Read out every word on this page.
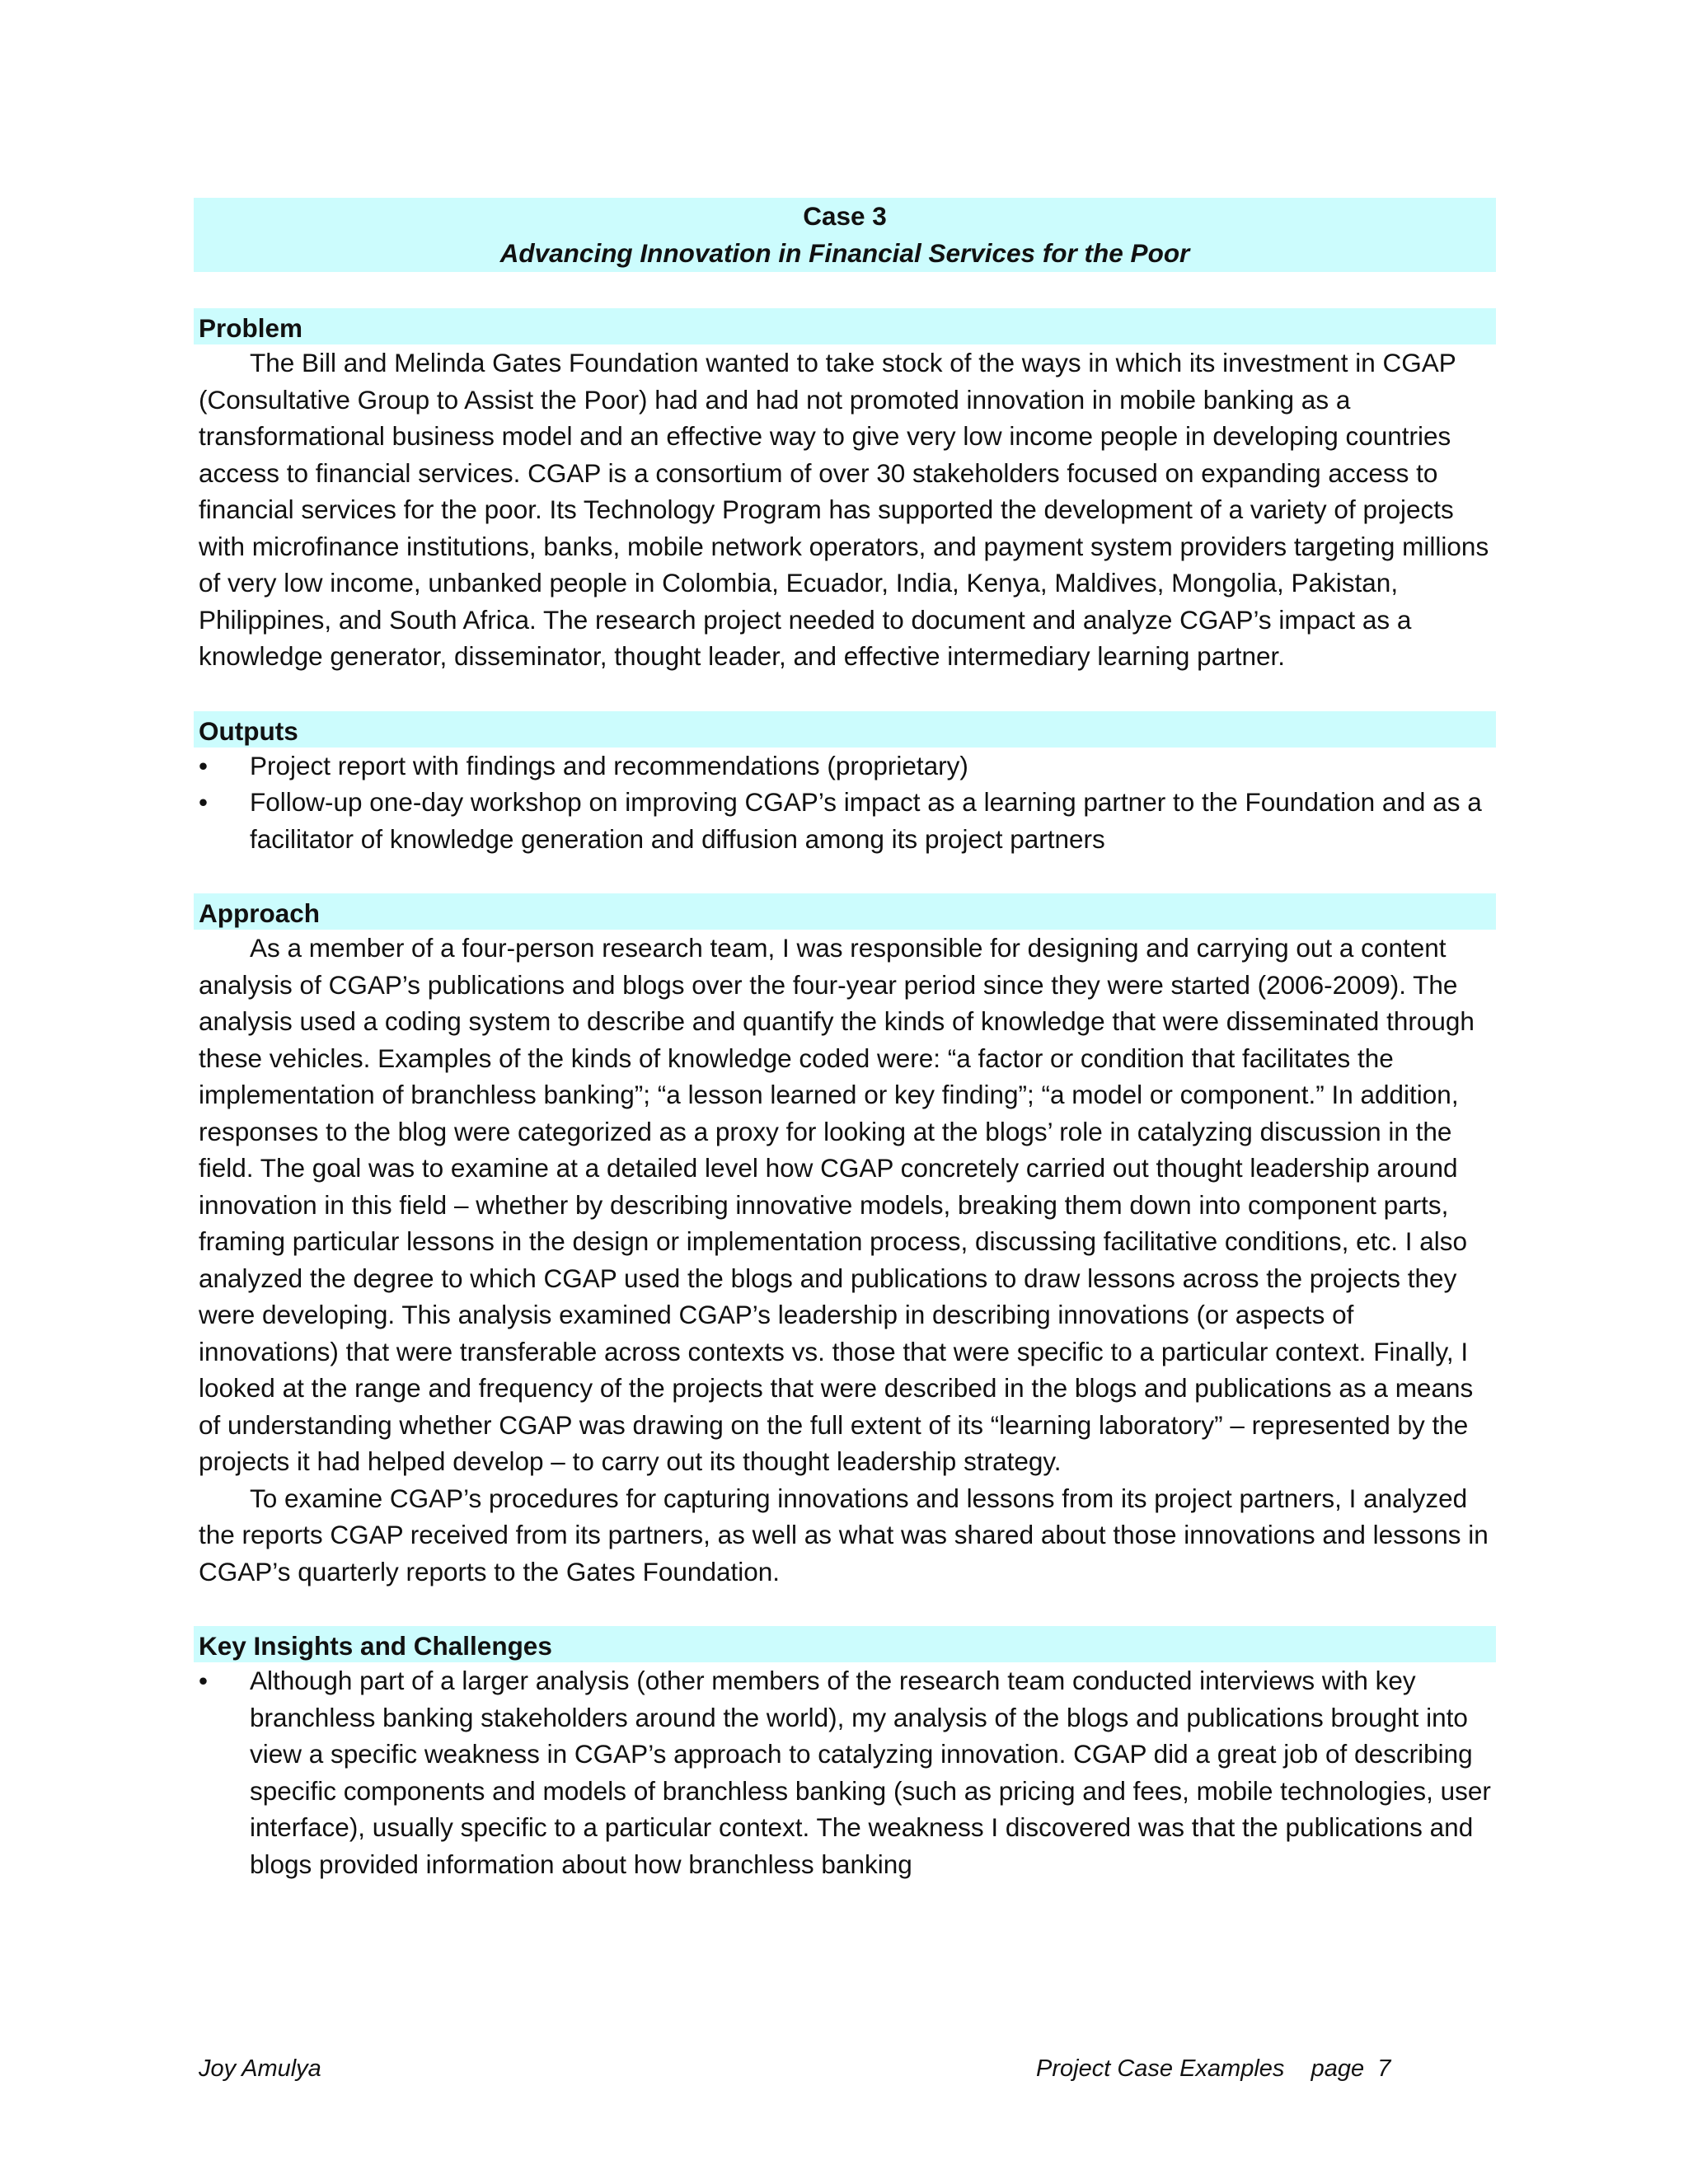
Case 3
Advancing Innovation in Financial Services for the Poor
Problem

The Bill and Melinda Gates Foundation wanted to take stock of the ways in which its investment in CGAP (Consultative Group to Assist the Poor) had and had not promoted innovation in mobile banking as a transformational business model and an effective way to give very low income people in developing countries access to financial services. CGAP is a consortium of over 30 stakeholders focused on expanding access to financial services for the poor. Its Technology Program has supported the development of a variety of projects with microfinance institutions, banks, mobile network operators, and payment system providers targeting millions of very low income, unbanked people in Colombia, Ecuador, India, Kenya, Maldives, Mongolia, Pakistan, Philippines, and South Africa. The research project needed to document and analyze CGAP’s impact as a knowledge generator, disseminator, thought leader, and effective intermediary learning partner.

Outputs
• Project report with findings and recommendations (proprietary)
• Follow-up one-day workshop on improving CGAP’s impact as a learning partner to the Foundation and as a facilitator of knowledge generation and diffusion among its project partners
Approach

As a member of a four-person research team, I was responsible for designing and carrying out a content analysis of CGAP’s publications and blogs over the four-year period since they were started (2006-2009). The analysis used a coding system to describe and quantify the kinds of knowledge that were disseminated through these vehicles. Examples of the kinds of knowledge coded were: “a factor or condition that facilitates the implementation of branchless banking”; “a lesson learned or key finding”; “a model or component.” In addition, responses to the blog were categorized as a proxy for looking at the blogs’ role in catalyzing discussion in the field. The goal was to examine at a detailed level how CGAP concretely carried out thought leadership around innovation in this field – whether by describing innovative models, breaking them down into component parts, framing particular lessons in the design or implementation process, discussing facilitative conditions, etc. I also analyzed the degree to which CGAP used the blogs and publications to draw lessons across the projects they were developing. This analysis examined CGAP’s leadership in describing innovations (or aspects of innovations) that were transferable across contexts vs. those that were specific to a particular context. Finally, I looked at the range and frequency of the projects that were described in the blogs and publications as a means of understanding whether CGAP was drawing on the full extent of its “learning laboratory” – represented by the projects it had helped develop – to carry out its thought leadership strategy.

To examine CGAP’s procedures for capturing innovations and lessons from its project partners, I analyzed the reports CGAP received from its partners, as well as what was shared about those innovations and lessons in CGAP’s quarterly reports to the Gates Foundation.

Key Insights and Challenges
• Although part of a larger analysis (other members of the research team conducted interviews with key branchless banking stakeholders around the world), my analysis of the blogs and publications brought into view a specific weakness in CGAP’s approach to catalyzing innovation. CGAP did a great job of describing specific components and models of branchless banking (such as pricing and fees, mobile technologies, user interface), usually specific to a particular context. The weakness I discovered was that the publications and blogs provided information about how branchless banking
Joy Amulya	Project Case Examples    page  7
